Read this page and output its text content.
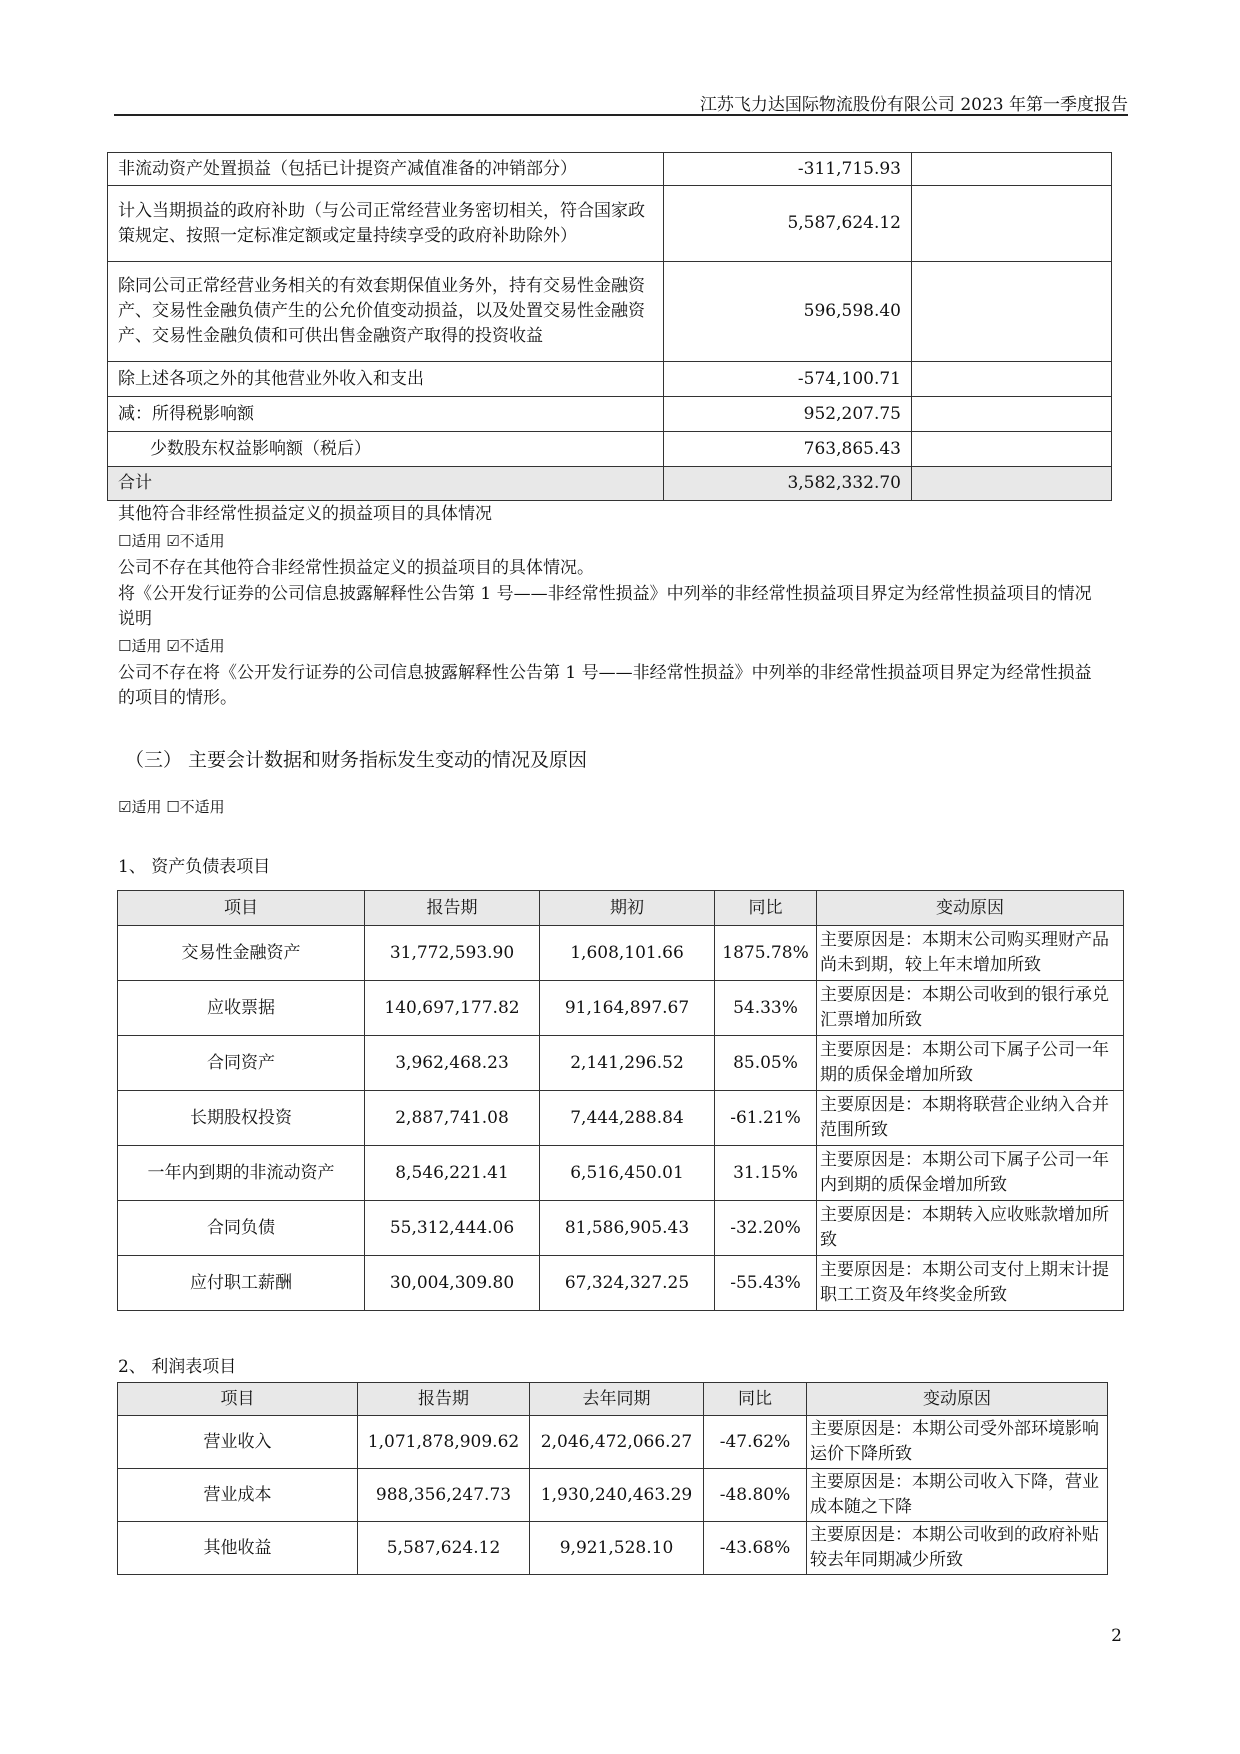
江苏飞力达国际物流股份有限公司 2023 年第一季度报告
非流动资产处置损益（包括已计提资产减值准备的冲销部分）	-311,715.93	
计入当期损益的政府补助（与公司正常经营业务密切相关，符合国家政策规定、按照一定标准定额或定量持续享受的政府补助除外）	5,587,624.12	
除同公司正常经营业务相关的有效套期保值业务外，持有交易性金融资产、交易性金融负债产生的公允价值变动损益，以及处置交易性金融资产、交易性金融负债和可供出售金融资产取得的投资收益	596,598.40	
除上述各项之外的其他营业外收入和支出	-574,100.71	
减：所得税影响额	952,207.75	
少数股东权益影响额（税后）	763,865.43	
合计	3,582,332.70	
其他符合非经常性损益定义的损益项目的具体情况
☐适用 ☑不适用
公司不存在其他符合非经常性损益定义的损益项目的具体情况。
将《公开发行证券的公司信息披露解释性公告第 1 号——非经常性损益》中列举的非经常性损益项目界定为经常性损益项目的情况说明
☐适用 ☑不适用
公司不存在将《公开发行证券的公司信息披露解释性公告第 1 号——非经常性损益》中列举的非经常性损益项目界定为经常性损益的项目的情形。
（三） 主要会计数据和财务指标发生变动的情况及原因
☑适用 ☐不适用
1、 资产负债表项目
项目	报告期	期初	同比	变动原因
交易性金融资产	31,772,593.90	1,608,101.66	1875.78%	主要原因是：本期末公司购买理财产品尚未到期，较上年末增加所致
应收票据	140,697,177.82	91,164,897.67	54.33%	主要原因是：本期公司收到的银行承兑汇票增加所致
合同资产	3,962,468.23	2,141,296.52	85.05%	主要原因是：本期公司下属子公司一年期的质保金增加所致
长期股权投资	2,887,741.08	7,444,288.84	-61.21%	主要原因是：本期将联营企业纳入合并范围所致
一年内到期的非流动资产	8,546,221.41	6,516,450.01	31.15%	主要原因是：本期公司下属子公司一年内到期的质保金增加所致
合同负债	55,312,444.06	81,586,905.43	-32.20%	主要原因是：本期转入应收账款增加所致
应付职工薪酬	30,004,309.80	67,324,327.25	-55.43%	主要原因是：本期公司支付上期末计提职工工资及年终奖金所致
2、 利润表项目
项目	报告期	去年同期	同比	变动原因
营业收入	1,071,878,909.62	2,046,472,066.27	-47.62%	主要原因是：本期公司受外部环境影响运价下降所致
营业成本	988,356,247.73	1,930,240,463.29	-48.80%	主要原因是：本期公司收入下降，营业成本随之下降
其他收益	5,587,624.12	9,921,528.10	-43.68%	主要原因是：本期公司收到的政府补贴较去年同期减少所致
2
